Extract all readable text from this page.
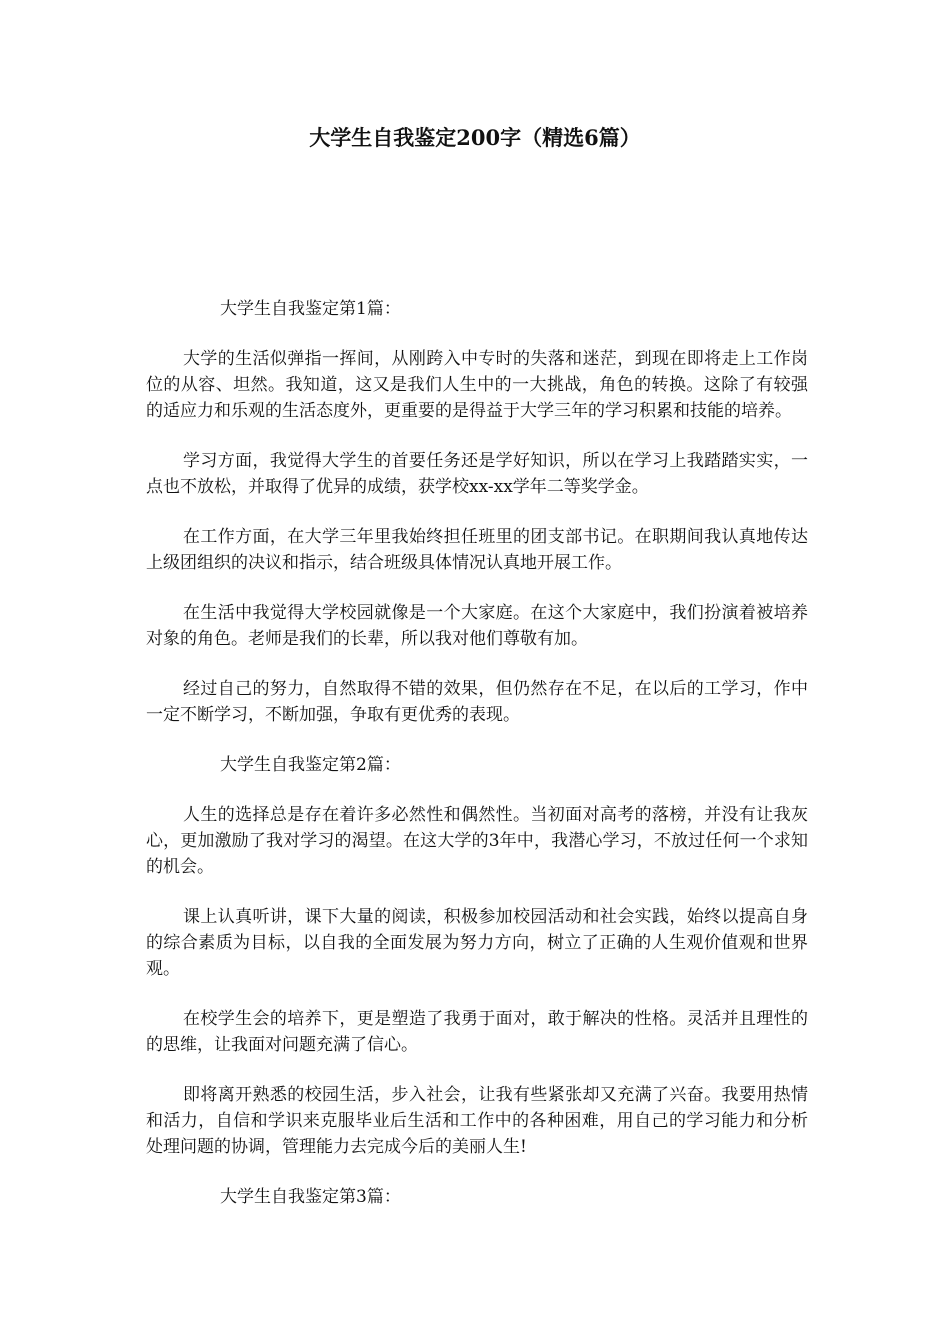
大学生自我鉴定200字（精选6篇）

大学生自我鉴定第1篇：

大学的生活似弹指一挥间，从刚跨入中专时的失落和迷茫，到现在即将走上工作岗位的从容、坦然。我知道，这又是我们人生中的一大挑战，角色的转换。这除了有较强的适应力和乐观的生活态度外，更重要的是得益于大学三年的学习积累和技能的培养。

学习方面，我觉得大学生的首要任务还是学好知识，所以在学习上我踏踏实实，一点也不放松，并取得了优异的成绩，获学校xx-xx学年二等奖学金。

在工作方面，在大学三年里我始终担任班里的团支部书记。在职期间我认真地传达上级团组织的决议和指示，结合班级具体情况认真地开展工作。

在生活中我觉得大学校园就像是一个大家庭。在这个大家庭中，我们扮演着被培养对象的角色。老师是我们的长辈，所以我对他们尊敬有加。

经过自己的努力，自然取得不错的效果，但仍然存在不足，在以后的工学习，作中一定不断学习，不断加强，争取有更优秀的表现。

大学生自我鉴定第2篇：

人生的选择总是存在着许多必然性和偶然性。当初面对高考的落榜，并没有让我灰心，更加激励了我对学习的渴望。在这大学的3年中，我潜心学习，不放过任何一个求知的机会。

课上认真听讲，课下大量的阅读，积极参加校园活动和社会实践，始终以提高自身的综合素质为目标，以自我的全面发展为努力方向，树立了正确的人生观价值观和世界观。

在校学生会的培养下，更是塑造了我勇于面对，敢于解决的性格。灵活并且理性的的思维，让我面对问题充满了信心。

即将离开熟悉的校园生活，步入社会，让我有些紧张却又充满了兴奋。我要用热情和活力，自信和学识来克服毕业后生活和工作中的各种困难，用自己的学习能力和分析处理问题的协调，管理能力去完成今后的美丽人生!

大学生自我鉴定第3篇：
